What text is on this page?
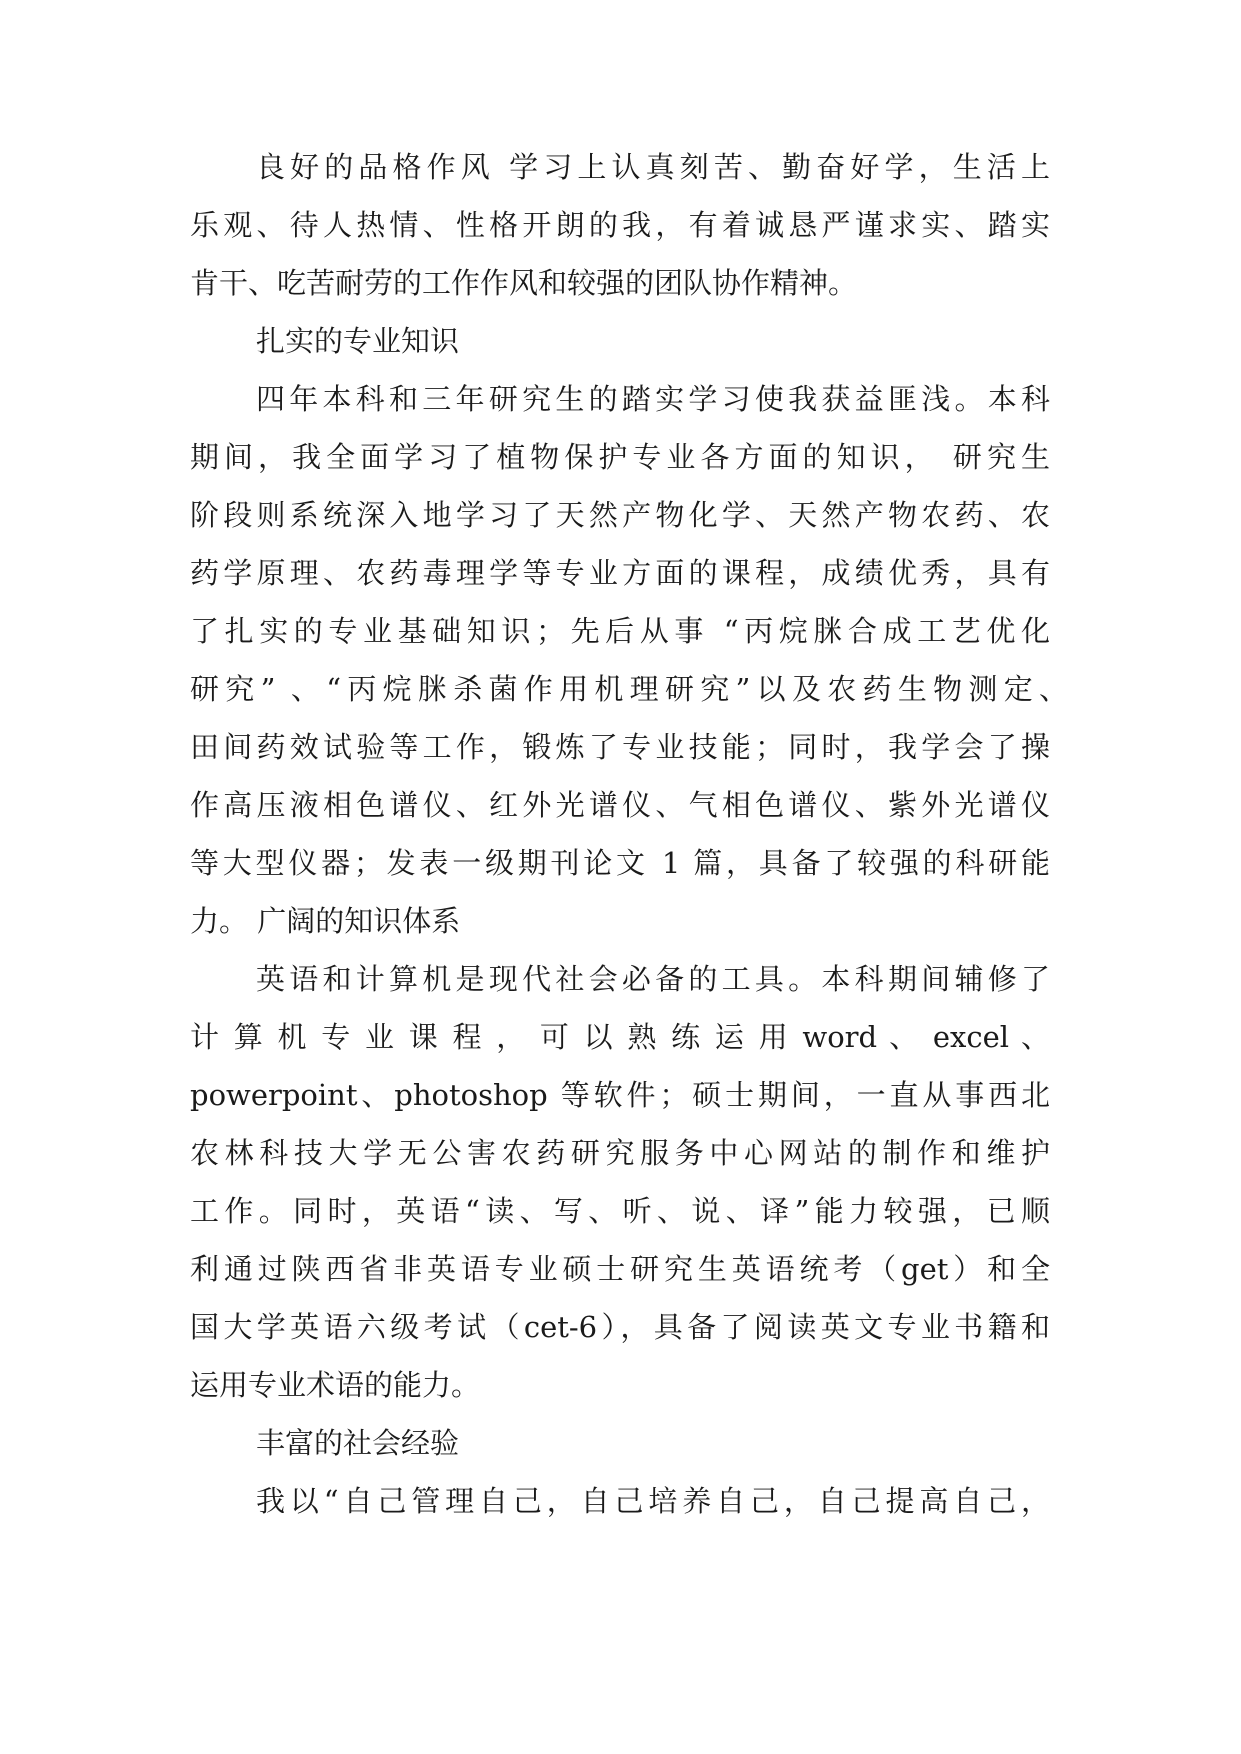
良好的品格作风 学习上认真刻苦、勤奋好学，生活上
乐观、待人热情、性格开朗的我，有着诚恳严谨求实、踏实
肯干、吃苦耐劳的工作作风和较强的团队协作精神。
扎实的专业知识
四年本科和三年研究生的踏实学习使我获益匪浅。本科
期间，我全面学习了植物保护专业各方面的知识， 研究生
阶段则系统深入地学习了天然产物化学、天然产物农药、农
药学原理、农药毒理学等专业方面的课程，成绩优秀，具有
了扎实的专业基础知识；先后从事 “丙烷脒合成工艺优化
研究” 、“丙烷脒杀菌作用机理研究”以及农药生物测定、
田间药效试验等工作，锻炼了专业技能；同时，我学会了操
作高压液相色谱仪、红外光谱仪、气相色谱仪、紫外光谱仪
等大型仪器；发表一级期刊论文 1 篇，具备了较强的科研能
力。 广阔的知识体系
英语和计算机是现代社会必备的工具。本科期间辅修了
计 算 机 专 业 课 程 ， 可 以 熟 练 运 用 word 、 excel 、
powerpoint、photoshop 等软件；硕士期间，一直从事西北
农林科技大学无公害农药研究服务中心网站的制作和维护
工作。同时，英语“读、写、听、说、译”能力较强，已顺
利通过陕西省非英语专业硕士研究生英语统考（get）和全
国大学英语六级考试（cet-6），具备了阅读英文专业书籍和
运用专业术语的能力。
丰富的社会经验
我以“自己管理自己，自己培养自己，自己提高自己，
